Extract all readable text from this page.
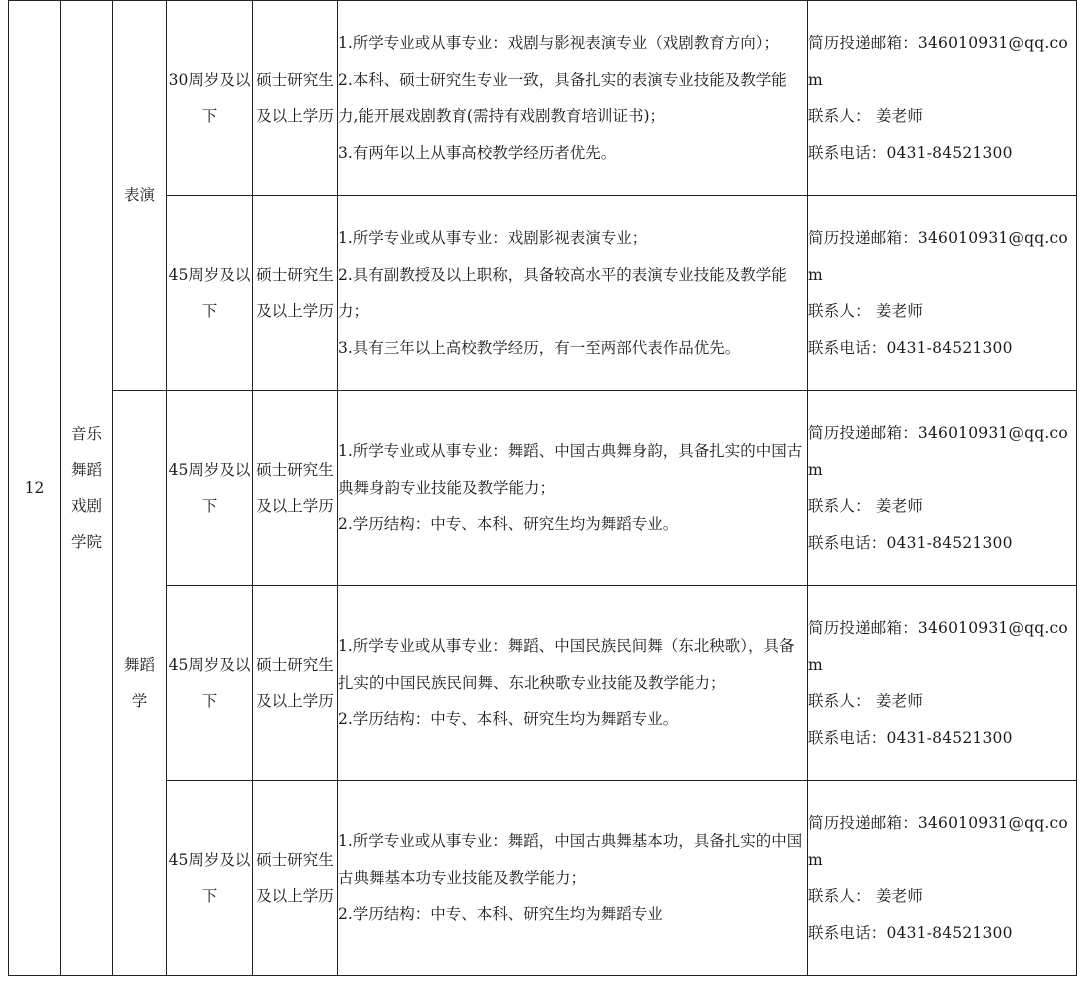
12	音乐舞蹈戏剧学院	表演	30周岁及以下	硕士研究生及以上学历	1.所学专业或从事专业：戏剧与影视表演专业（戏剧教育方向）；
2.本科、硕士研究生专业一致，具备扎实的表演专业技能及教学能力,能开展戏剧教育(需持有戏剧教育培训证书)；
3.有两年以上从事高校教学经历者优先。	简历投递邮箱：346010931@qq.com
联系人： 姜老师
联系电话：0431-84521300

			45周岁及以下	硕士研究生及以上学历	1.所学专业或从事专业：戏剧影视表演专业；
2.具有副教授及以上职称，具备较高水平的表演专业技能及教学能力；
3.具有三年以上高校教学经历，有一至两部代表作品优先。	简历投递邮箱：346010931@qq.com
联系人： 姜老师
联系电话：0431-84521300

		舞蹈学	45周岁及以下	硕士研究生及以上学历	1.所学专业或从事专业：舞蹈、中国古典舞身韵，具备扎实的中国古典舞身韵专业技能及教学能力；
2.学历结构：中专、本科、研究生均为舞蹈专业。	简历投递邮箱：346010931@qq.com
联系人： 姜老师
联系电话：0431-84521300

			45周岁及以下	硕士研究生及以上学历	1.所学专业或从事专业：舞蹈、中国民族民间舞（东北秧歌），具备扎实的中国民族民间舞、东北秧歌专业技能及教学能力；
2.学历结构：中专、本科、研究生均为舞蹈专业。	简历投递邮箱：346010931@qq.com
联系人： 姜老师
联系电话：0431-84521300

			45周岁及以下	硕士研究生及以上学历	1.所学专业或从事专业：舞蹈，中国古典舞基本功，具备扎实的中国古典舞基本功专业技能及教学能力；
2.学历结构：中专、本科、研究生均为舞蹈专业	简历投递邮箱：346010931@qq.com
联系人： 姜老师
联系电话：0431-84521300
